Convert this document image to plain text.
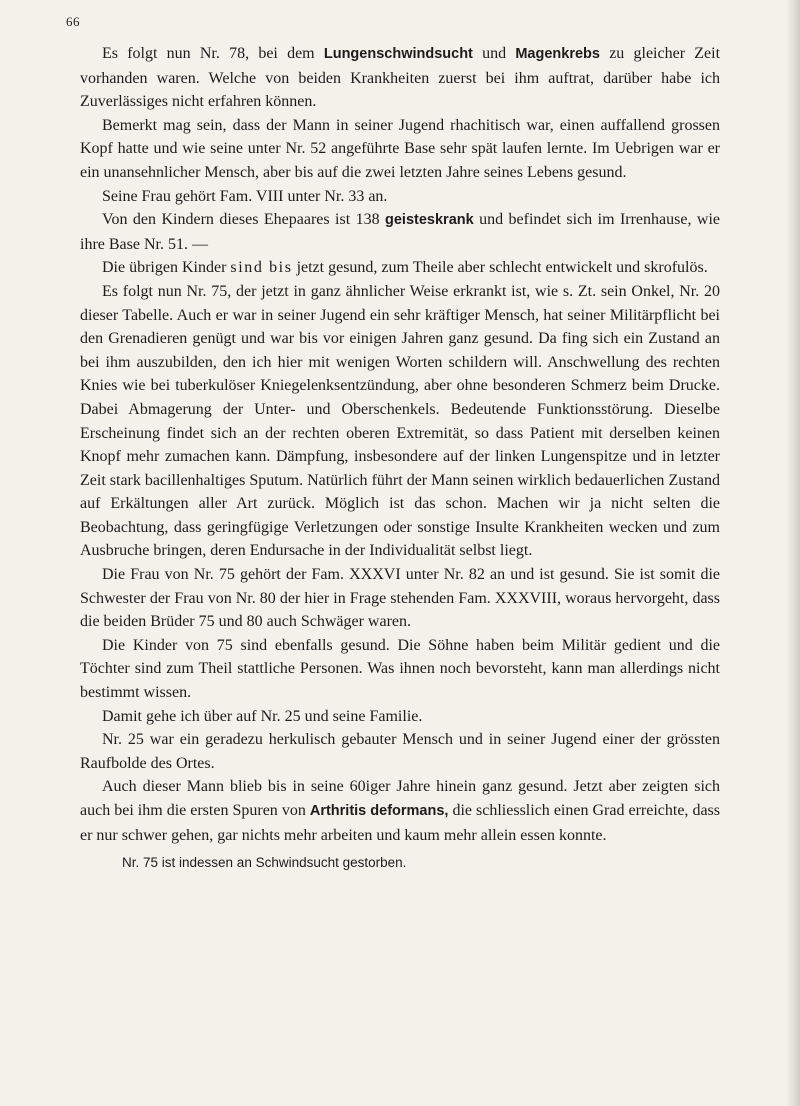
66

Es folgt nun Nr. 78, bei dem Lungenschwindsucht und Magenkrebs zu gleicher Zeit vorhanden waren. Welche von beiden Krankheiten zuerst bei ihm auftrat, darüber habe ich Zuverlässiges nicht erfahren können.

Bemerkt mag sein, dass der Mann in seiner Jugend rhachitisch war, einen auffallend grossen Kopf hatte und wie seine unter Nr. 52 angeführte Base sehr spät laufen lernte. Im Uebrigen war er ein unansehnlicher Mensch, aber bis auf die zwei letzten Jahre seines Lebens gesund.

Seine Frau gehört Fam. VIII unter Nr. 33 an.

Von den Kindern dieses Ehepaares ist 138 geisteskrank und befindet sich im Irrenhause, wie ihre Base Nr. 51. —

Die übrigen Kinder sind bis jetzt gesund, zum Theile aber schlecht entwickelt und skrofulös.

Es folgt nun Nr. 75, der jetzt in ganz ähnlicher Weise erkrankt ist, wie s. Zt. sein Onkel, Nr. 20 dieser Tabelle. Auch er war in seiner Jugend ein sehr kräftiger Mensch, hat seiner Militärpflicht bei den Grenadieren genügt und war bis vor einigen Jahren ganz gesund. Da fing sich ein Zustand an bei ihm auszubilden, den ich hier mit wenigen Worten schildern will. Anschwellung des rechten Knies wie bei tuberkulöser Kniegelenksentzündung, aber ohne besonderen Schmerz beim Drucke. Dabei Abmagerung der Unter- und Oberschenkels. Bedeutende Funktionsstörung. Dieselbe Erscheinung findet sich an der rechten oberen Extremität, so dass Patient mit derselben keinen Knopf mehr zumachen kann. Dämpfung, insbesondere auf der linken Lungenspitze und in letzter Zeit stark bacillenhaltiges Sputum. Natürlich führt der Mann seinen wirklich bedauerlichen Zustand auf Erkältungen aller Art zurück. Möglich ist das schon. Machen wir ja nicht selten die Beobachtung, dass geringfügige Verletzungen oder sonstige Insulte Krankheiten wecken und zum Ausbruche bringen, deren Endursache in der Individualität selbst liegt.

Die Frau von Nr. 75 gehört der Fam. XXXVI unter Nr. 82 an und ist gesund. Sie ist somit die Schwester der Frau von Nr. 80 der hier in Frage stehenden Fam. XXXVIII, woraus hervorgeht, dass die beiden Brüder 75 und 80 auch Schwäger waren.

Die Kinder von 75 sind ebenfalls gesund. Die Söhne haben beim Militär gedient und die Töchter sind zum Theil stattliche Personen. Was ihnen noch bevorsteht, kann man allerdings nicht bestimmt wissen.

Damit gehe ich über auf Nr. 25 und seine Familie.

Nr. 25 war ein geradezu herkulisch gebauter Mensch und in seiner Jugend einer der grössten Raufbolde des Ortes.

Auch dieser Mann blieb bis in seine 60iger Jahre hinein ganz gesund. Jetzt aber zeigten sich auch bei ihm die ersten Spuren von Arthritis deformans, die schliesslich einen Grad erreichte, dass er nur schwer gehen, gar nichts mehr arbeiten und kaum mehr allein essen konnte.

Nr. 75 ist indessen an Schwindsucht gestorben.
